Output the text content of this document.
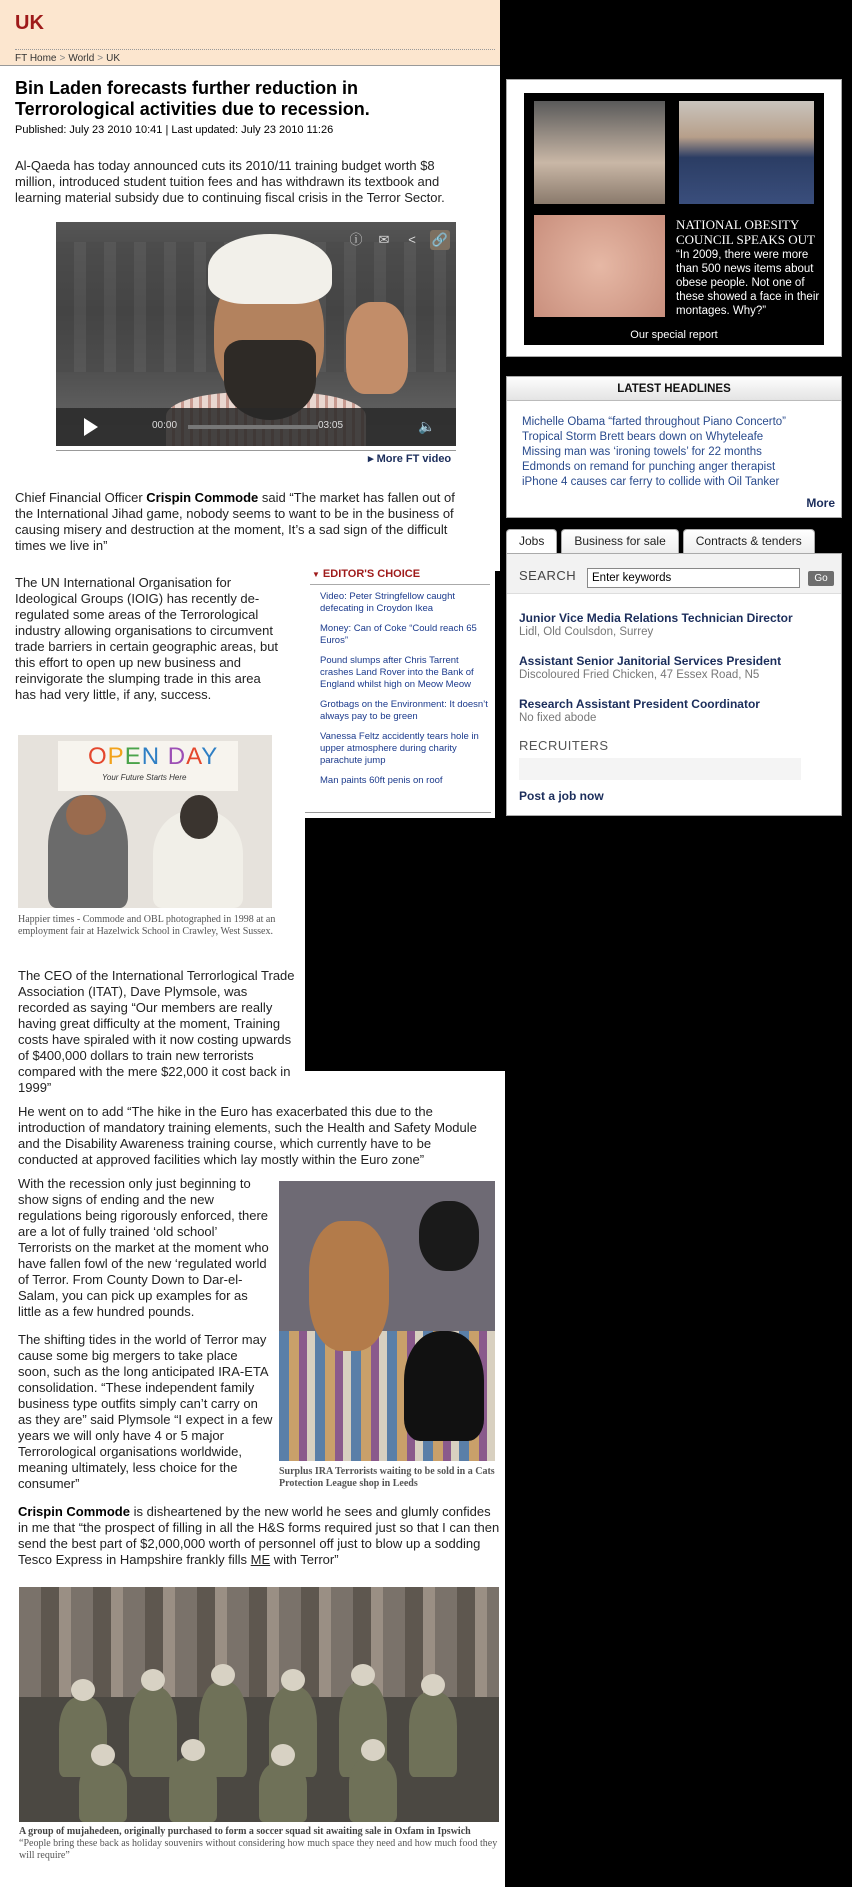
UK
FT Home > World > UK
Bin Laden forecasts further reduction in Terrorological activities due to recession.
Published: July 23 2010 10:41 | Last updated: July 23 2010 11:26

Al-Qaeda has today announced cuts its 2010/11 training budget worth $8 million, introduced student tuition fees and has withdrawn its textbook and learning material subsidy due to continuing fiscal crisis in the Terror Sector.

ⓘ	✉	<	🔗
00:00	03:05	🔈
▸ More FT video

Chief Financial Officer Crispin Commode said “The market has fallen out of the International Jihad game, nobody seems to want to be in the business of causing misery and destruction at the moment, It’s a sad sign of the difficult times we live in”

The UN International Organisation for Ideological Groups (IOIG) has recently de-regulated some areas of the Terrorological industry allowing organisations to circumvent trade barriers in certain geographic areas, but this effort to open up new business and reinvigorate the slumping trade in this area has had very little, if any, success.

OPEN DAY
Your Future Starts Here
Happier times - Commode and OBL photographed in 1998 at an employment fair at Hazelwick School in Crawley, West Sussex.

The CEO of the International Terrorlogical Trade Association (ITAT), Dave Plymsole, was recorded as saying “Our members are really having great difficulty at the moment, Training costs have spiraled with it now costing upwards of $400,000 dollars to train new terrorists compared with the mere $22,000 it cost back in 1999”

He went on to add “The hike in the Euro has exacerbated this due to the introduction of mandatory training elements, such the Health and Safety Module and the Disability Awareness training course, which currently have to be conducted at approved facilities which lay mostly within the Euro zone”

With the recession only just beginning to show signs of ending and the new regulations being rigorously enforced, there are a lot of fully trained ‘old school’ Terrorists on the market at the moment who have fallen fowl of the new ‘regulated world of Terror. From County Down to Dar-el-Salam, you can pick up examples for as little as a few hundred pounds.

The shifting tides in the world of Terror may cause some big mergers to take place soon, such as the long anticipated IRA-ETA consolidation. “These independent family business type outfits simply can’t carry on as they are” said Plymsole “I expect in a few years we will only have 4 or 5 major Terrorological organisations worldwide, meaning ultimately, less choice for the consumer”

Surplus IRA Terrorists waiting to be sold in a Cats Protection League shop in Leeds

Crispin Commode is disheartened by the new world he sees and glumly confides in me that “the prospect of filling in all the H&S forms required just so that I can then send the best part of $2,000,000 worth of personnel off just to blow up a sodding Tesco Express in Hampshire frankly fills ME with Terror”

A group of mujahedeen, originally purchased to form a soccer squad sit awaiting sale in Oxfam in Ipswich “People bring these back as holiday souvenirs without considering how much space they need and how much food they will require”
▼ EDITOR'S CHOICE
Video: Peter Stringfellow caught defecating in Croydon Ikea
Money: Can of Coke “Could reach 65 Euros”
Pound slumps after Chris Tarrent crashes Land Rover into the Bank of England whilst high on Meow Meow
Grotbags on the Environment: It doesn’t always pay to be green
Vanessa Feltz accidently tears hole in upper atmosphere during charity parachute jump
Man paints 60ft penis on roof
NATIONAL OBESITY COUNCIL SPEAKS OUT
“In 2009, there were more than 500 news items about obese people. Not one of these showed a face in their montages. Why?”
Our special report
LATEST HEADLINES
Michelle Obama “farted throughout Piano Concerto”
Tropical Storm Brett bears down on Whyteleafe
Missing man was ‘ironing towels’ for 22 months
Edmonds on remand for punching anger therapist
iPhone 4 causes car ferry to collide with Oil Tanker
More
Jobs	Business for sale	Contracts & tenders
SEARCH
Enter keywords	Go
Junior Vice Media Relations Technician Director
Lidl, Old Coulsdon, Surrey
Assistant Senior Janitorial Services President
Discoloured Fried Chicken, 47 Essex Road, N5
Research Assistant President Coordinator
No fixed abode
RECRUITERS
Post a job now
